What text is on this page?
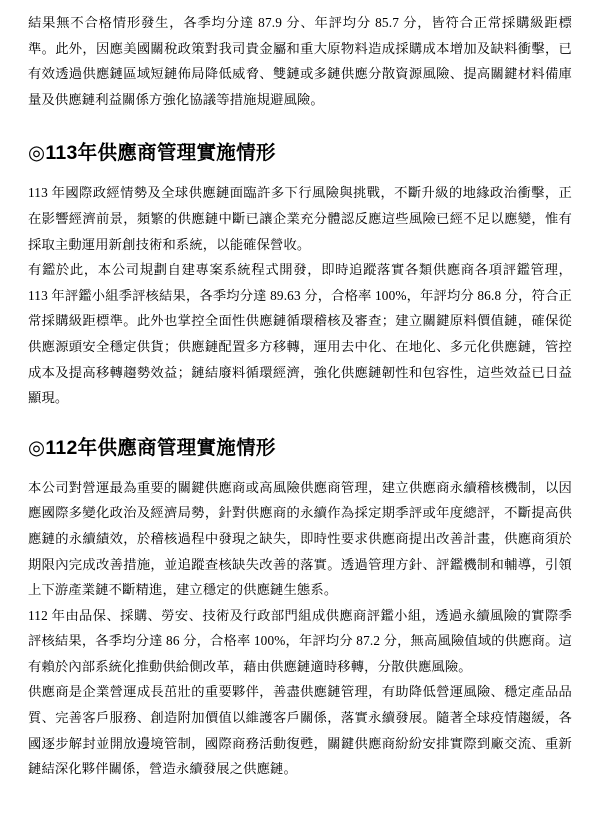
結果無不合格情形發生，各季均分達 87.9 分、年評均分 85.7 分，皆符合正常採購級距標準。此外，因應美國關稅政策對我司貴金屬和重大原物料造成採購成本增加及缺料衝擊，已有效透過供應鏈區域短鏈佈局降低威脅、雙鏈或多鏈供應分散資源風險、提高關鍵材料備庫量及供應鏈利益關係方強化協議等措施規避風險。

◎113年供應商管理實施情形

113 年國際政經情勢及全球供應鏈面臨許多下行風險與挑戰，不斷升級的地緣政治衝擊，正在影響經濟前景，頻繁的供應鏈中斷已讓企業充分體認反應這些風險已經不足以應變，惟有採取主動運用新創技術和系統，以能確保營收。

有鑑於此，本公司規劃自建專案系統程式開發，即時追蹤落實各類供應商各項評鑑管理，113 年評鑑小組季評核結果，各季均分達 89.63 分，合格率 100%，年評均分 86.8 分，符合正常採購級距標準。此外也掌控全面性供應鏈循環稽核及審查；建立關鍵原料價值鏈，確保從供應源頭安全穩定供貨；供應鏈配置多方移轉，運用去中化、在地化、多元化供應鏈，管控成本及提高移轉趨勢效益；鏈結廢料循環經濟，強化供應鏈韌性和包容性，這些效益已日益顯現。

◎112年供應商管理實施情形

本公司對營運最為重要的關鍵供應商或高風險供應商管理，建立供應商永續稽核機制，以因應國際多變化政治及經濟局勢，針對供應商的永續作為採定期季評或年度總評，不斷提高供應鏈的永續績效，於稽核過程中發現之缺失，即時性要求供應商提出改善計畫，供應商須於期限內完成改善措施，並追蹤查核缺失改善的落實。透過管理方針、評鑑機制和輔導，引領上下游產業鏈不斷精進，建立穩定的供應鏈生態系。

112 年由品保、採購、勞安、技術及行政部門組成供應商評鑑小組，透過永續風險的實際季評核結果，各季均分達 86 分，合格率 100%，年評均分 87.2 分，無高風險值域的供應商。這有賴於內部系統化推動供給側改革，藉由供應鏈適時移轉，分散供應風險。

供應商是企業營運成長茁壯的重要夥伴，善盡供應鏈管理，有助降低營運風險、穩定產品品質、完善客戶服務、創造附加價值以維護客戶關係，落實永續發展。隨著全球疫情趨緩，各國逐步解封並開放邊境管制，國際商務活動復甦，關鍵供應商紛紛安排實際到廠交流、重新鏈結深化夥伴關係，營造永續發展之供應鏈。
